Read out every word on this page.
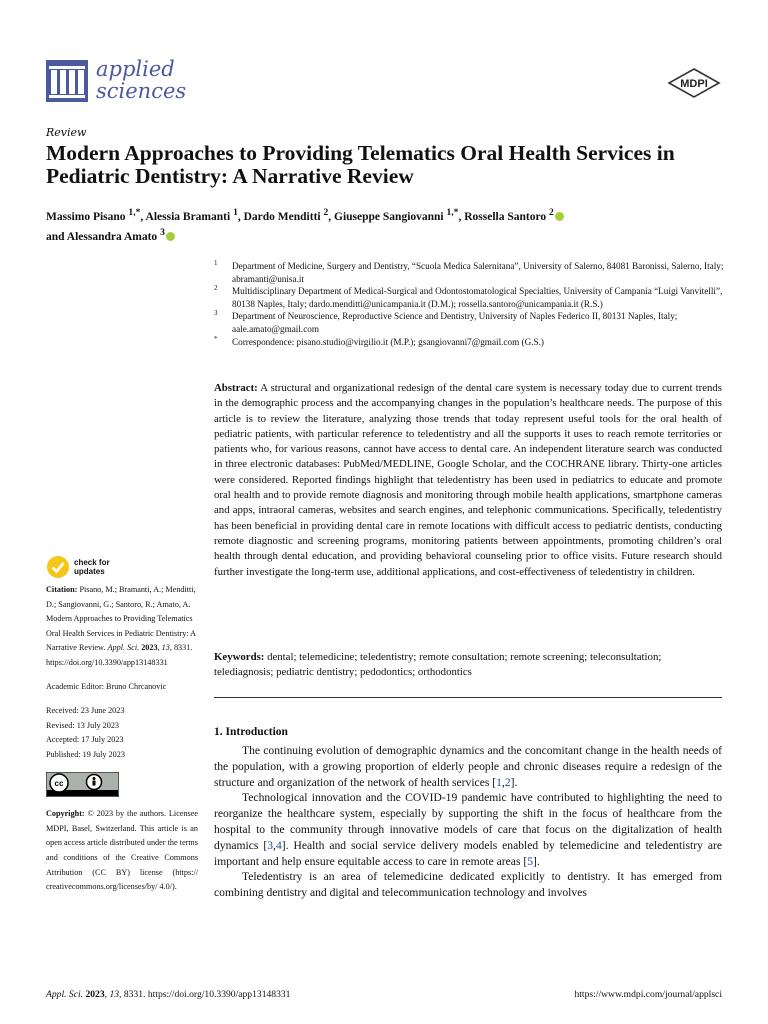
applied
sciences	MDPI
Review
Modern Approaches to Providing Telematics Oral Health Services in Pediatric Dentistry: A Narrative Review
Massimo Pisano $^{1,*}$, Alessia Bramanti $^1$, Dardo Menditti $^2$, Giuseppe Sangiovanni $^{1,*}$, Rossella Santoro $^2$
and Alessandra Amato $^3$
1 Department of Medicine, Surgery and Dentistry, “Scuola Medica Salernitana”, University of Salerno, 84081 Baronissi, Salerno, Italy; abramanti@unisa.it
2 Multidisciplinary Department of Medical-Surgical and Odontostomatological Specialties, University of Campania “Luigi Vanvitelli”, 80138 Naples, Italy; dardo.menditti@unicampania.it (D.M.); rossella.santoro@unicampania.it (R.S.)
3 Department of Neuroscience, Reproductive Science and Dentistry, University of Naples Federico II, 80131 Naples, Italy; aale.amato@gmail.com
* Correspondence: pisano.studio@virgilio.it (M.P.); gsangiovanni7@gmail.com (G.S.)
Abstract: A structural and organizational redesign of the dental care system is necessary today due to current trends in the demographic process and the accompanying changes in the population’s healthcare needs. The purpose of this article is to review the literature, analyzing those trends that today represent useful tools for the oral health of pediatric patients, with particular reference to teledentistry and all the supports it uses to reach remote territories or patients who, for various reasons, cannot have access to dental care. An independent literature search was conducted in three electronic databases: PubMed/MEDLINE, Google Scholar, and the COCHRANE library. Thirty-one articles were considered. Reported findings highlight that teledentistry has been used in pediatrics to educate and promote oral health and to provide remote diagnosis and monitoring through mobile health applications, smartphone cameras and apps, intraoral cameras, websites and search engines, and telephonic communications. Specifically, teledentistry has been beneficial in providing dental care in remote locations with difficult access to pediatric dentists, conducting remote diagnostic and screening programs, monitoring patients between appointments, promoting children’s oral health through dental education, and providing behavioral counseling prior to office visits. Future research should further investigate the long-term use, additional applications, and cost-effectiveness of teledentistry in children.
Keywords: dental; telemedicine; teledentistry; remote consultation; remote screening; teleconsultation; telediagnosis; pediatric dentistry; pedodontics; orthodontics
check for
updates
Citation: Pisano, M.; Bramanti, A.; Menditti, D.; Sangiovanni, G.; Santoro, R.; Amato, A. Modern Approaches to Providing Telematics Oral Health Services in Pediatric Dentistry: A Narrative Review. Appl. Sci. 2023, 13, 8331. https://doi.org/10.3390/app13148331
Academic Editor: Bruno Chrcanovic
Received: 23 June 2023
Revised: 13 July 2023
Accepted: 17 July 2023
Published: 19 July 2023
cc
Copyright: © 2023 by the authors. Licensee MDPI, Basel, Switzerland. This article is an open access article distributed under the terms and conditions of the Creative Commons Attribution (CC BY) license (https:// creativecommons.org/licenses/by/ 4.0/).
1. Introduction

The continuing evolution of demographic dynamics and the concomitant change in the health needs of the population, with a growing proportion of elderly people and chronic diseases require a redesign of the structure and organization of the network of health services [1,2].

Technological innovation and the COVID-19 pandemic have contributed to highlighting the need to reorganize the healthcare system, especially by supporting the shift in the focus of healthcare from the hospital to the community through innovative models of care that focus on the digitalization of health dynamics [3,4]. Health and social service delivery models enabled by telemedicine and teledentistry are important and help ensure equitable access to care in remote areas [5].

Teledentistry is an area of telemedicine dedicated explicitly to dentistry. It has emerged from combining dentistry and digital and telecommunication technology and involves

Appl. Sci. 2023, 13, 8331. https://doi.org/10.3390/app13148331	https://www.mdpi.com/journal/applsci
